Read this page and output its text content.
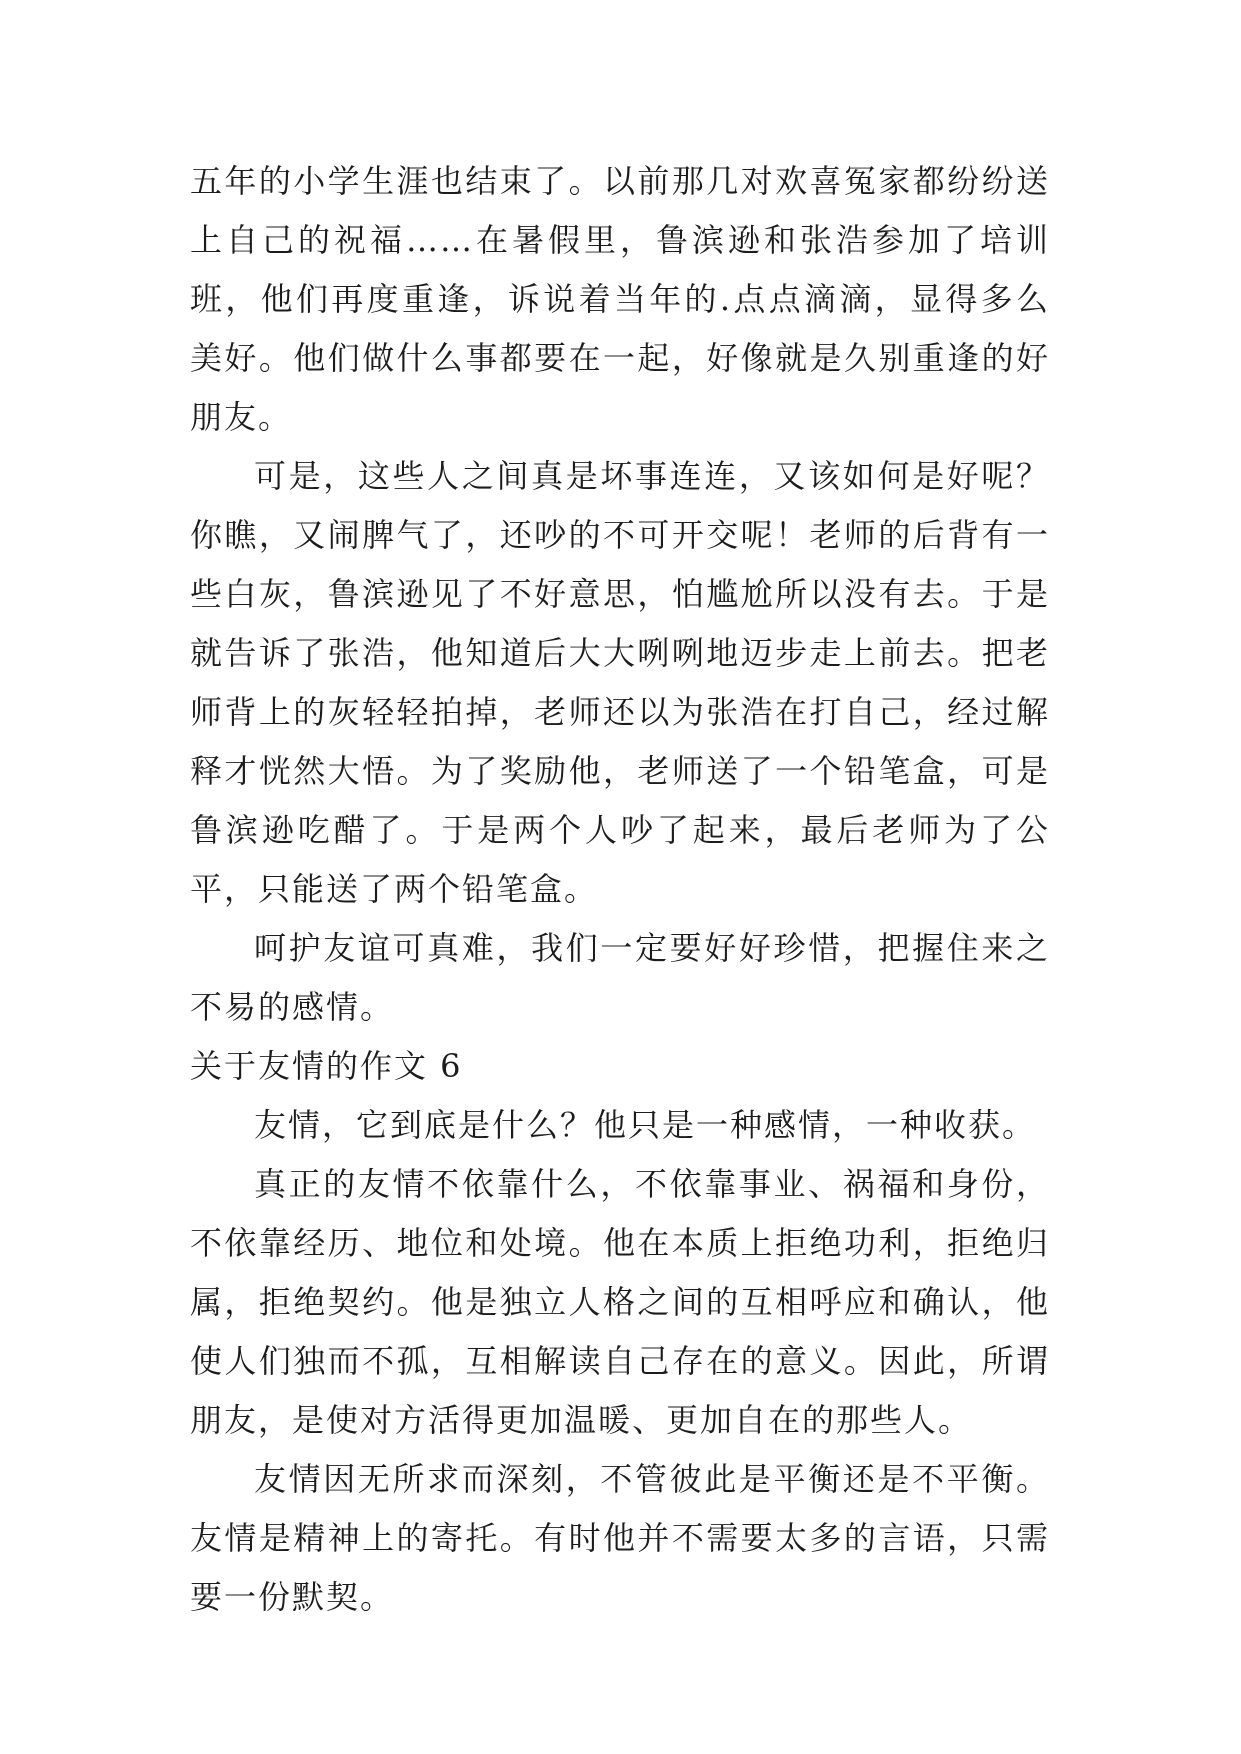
五年的小学生涯也结束了。以前那几对欢喜冤家都纷纷送上自己的祝福……在暑假里，鲁滨逊和张浩参加了培训班，他们再度重逢，诉说着当年的.点点滴滴，显得多么美好。他们做什么事都要在一起，好像就是久别重逢的好朋友。

可是，这些人之间真是坏事连连，又该如何是好呢？你瞧，又闹脾气了，还吵的不可开交呢！老师的后背有一些白灰，鲁滨逊见了不好意思，怕尴尬所以没有去。于是就告诉了张浩，他知道后大大咧咧地迈步走上前去。把老师背上的灰轻轻拍掉，老师还以为张浩在打自己，经过解释才恍然大悟。为了奖励他，老师送了一个铅笔盒，可是鲁滨逊吃醋了。于是两个人吵了起来，最后老师为了公平，只能送了两个铅笔盒。

呵护友谊可真难，我们一定要好好珍惜，把握住来之不易的感情。

关于友情的作文 6

友情，它到底是什么？他只是一种感情，一种收获。

真正的友情不依靠什么，不依靠事业、祸福和身份，不依靠经历、地位和处境。他在本质上拒绝功利，拒绝归属，拒绝契约。他是独立人格之间的互相呼应和确认，他使人们独而不孤，互相解读自己存在的意义。因此，所谓朋友，是使对方活得更加温暖、更加自在的那些人。

友情因无所求而深刻，不管彼此是平衡还是不平衡。友情是精神上的寄托。有时他并不需要太多的言语，只需要一份默契。
